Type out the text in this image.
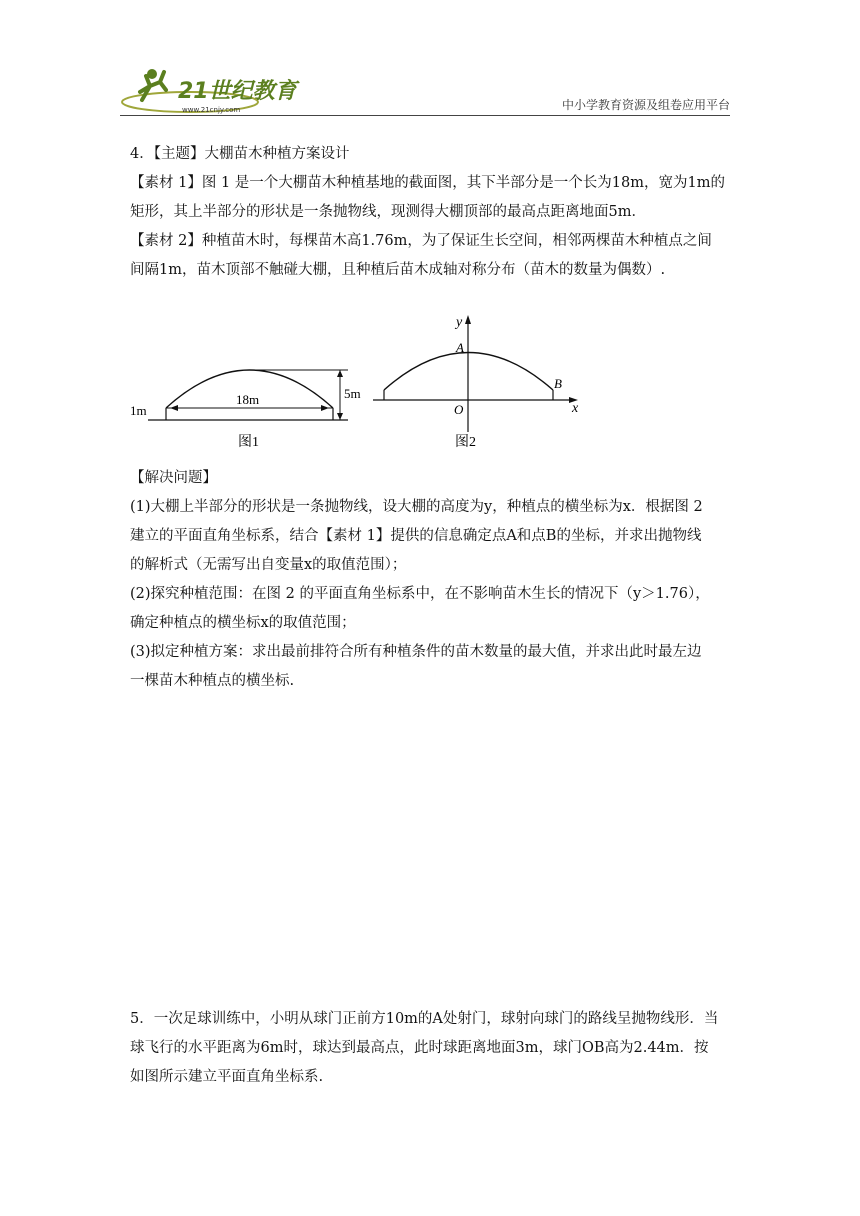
21世纪教育
www.21cnjy.com	中小学教育资源及组卷应用平台
4．【主题】大棚苗木种植方案设计
【素材 1】图 1 是一个大棚苗木种植基地的截面图，其下半部分是一个长为18m，宽为1m的
矩形，其上半部分的形状是一条抛物线，现测得大棚顶部的最高点距离地面5m．
【素材 2】种植苗木时，每棵苗木高1.76m，为了保证生长空间，相邻两棵苗木种植点之间
间隔1m，苗木顶部不触碰大棚，且种植后苗木成轴对称分布（苗木的数量为偶数）.
18m	5m
1m
图1
y
x
A
B
O
图2
【解决问题】
(1)大棚上半部分的形状是一条抛物线，设大棚的高度为y，种植点的横坐标为x．根据图 2
建立的平面直角坐标系，结合【素材 1】提供的信息确定点A和点B的坐标，并求出抛物线
的解析式（无需写出自变量x的取值范围）；
(2)探究种植范围：在图 2 的平面直角坐标系中，在不影响苗木生长的情况下（y＞1.76），
确定种植点的横坐标x的取值范围；
(3)拟定种植方案：求出最前排符合所有种植条件的苗木数量的最大值，并求出此时最左边
一棵苗木种植点的横坐标.
5．一次足球训练中，小明从球门正前方10m的A处射门，球射向球门的路线呈抛物线形．当
球飞行的水平距离为6m时，球达到最高点，此时球距离地面3m，球门OB高为2.44m．按
如图所示建立平面直角坐标系.
